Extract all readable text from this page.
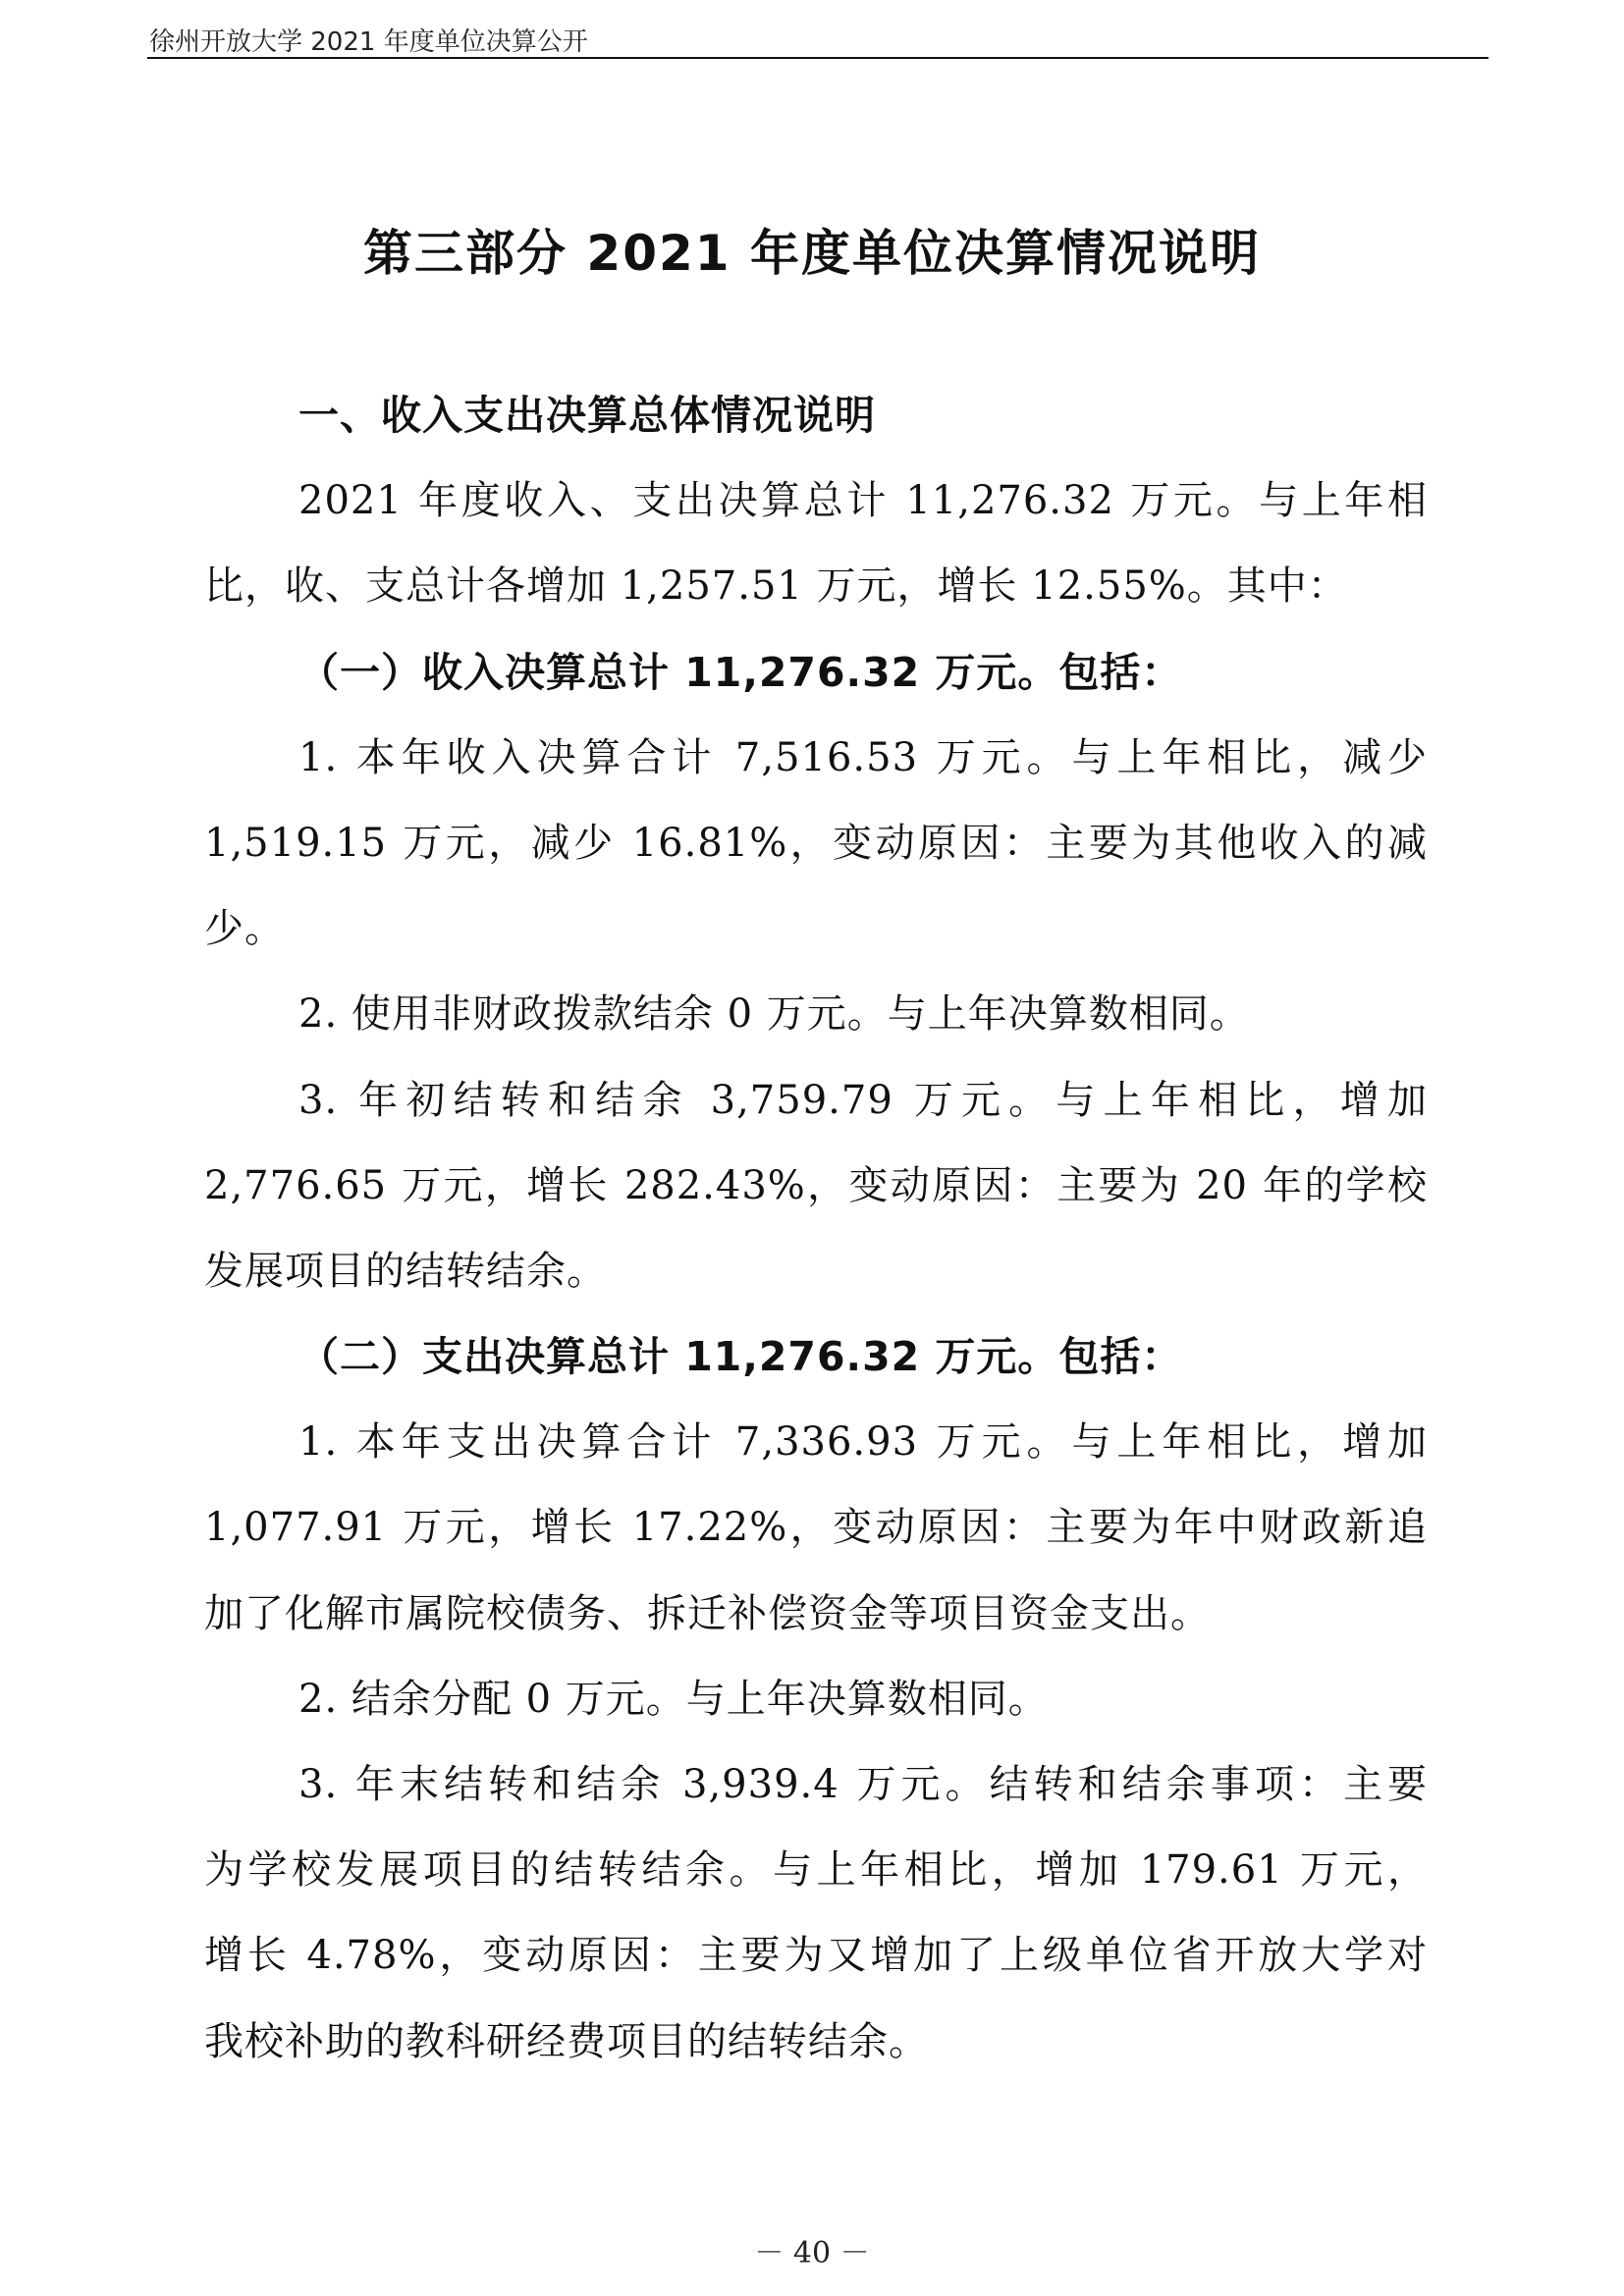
徐州开放大学 2021 年度单位决算公开
第三部分 2021 年度单位决算情况说明
一、收入支出决算总体情况说明
2021 年度收入、支出决算总计 11,276.32 万元。与上年相
比，收、支总计各增加 1,257.51 万元，增长 12.55%。其中：
（一）收入决算总计 11,276.32 万元。包括：
1. 本年收入决算合计 7,516.53 万元。与上年相比，减少
1,519.15 万元，减少 16.81%，变动原因：主要为其他收入的减
少。
2. 使用非财政拨款结余 0 万元。与上年决算数相同。
3. 年初结转和结余 3,759.79 万元。与上年相比，增加
2,776.65 万元，增长 282.43%，变动原因：主要为 20 年的学校
发展项目的结转结余。
（二）支出决算总计 11,276.32 万元。包括：
1. 本年支出决算合计 7,336.93 万元。与上年相比，增加
1,077.91 万元，增长 17.22%，变动原因：主要为年中财政新追
加了化解市属院校债务、拆迁补偿资金等项目资金支出。
2. 结余分配 0 万元。与上年决算数相同。
3. 年末结转和结余 3,939.4 万元。结转和结余事项：主要
为学校发展项目的结转结余。与上年相比，增加 179.61 万元，
增长 4.78%，变动原因：主要为又增加了上级单位省开放大学对
我校补助的教科研经费项目的结转结余。
－ 40 －
